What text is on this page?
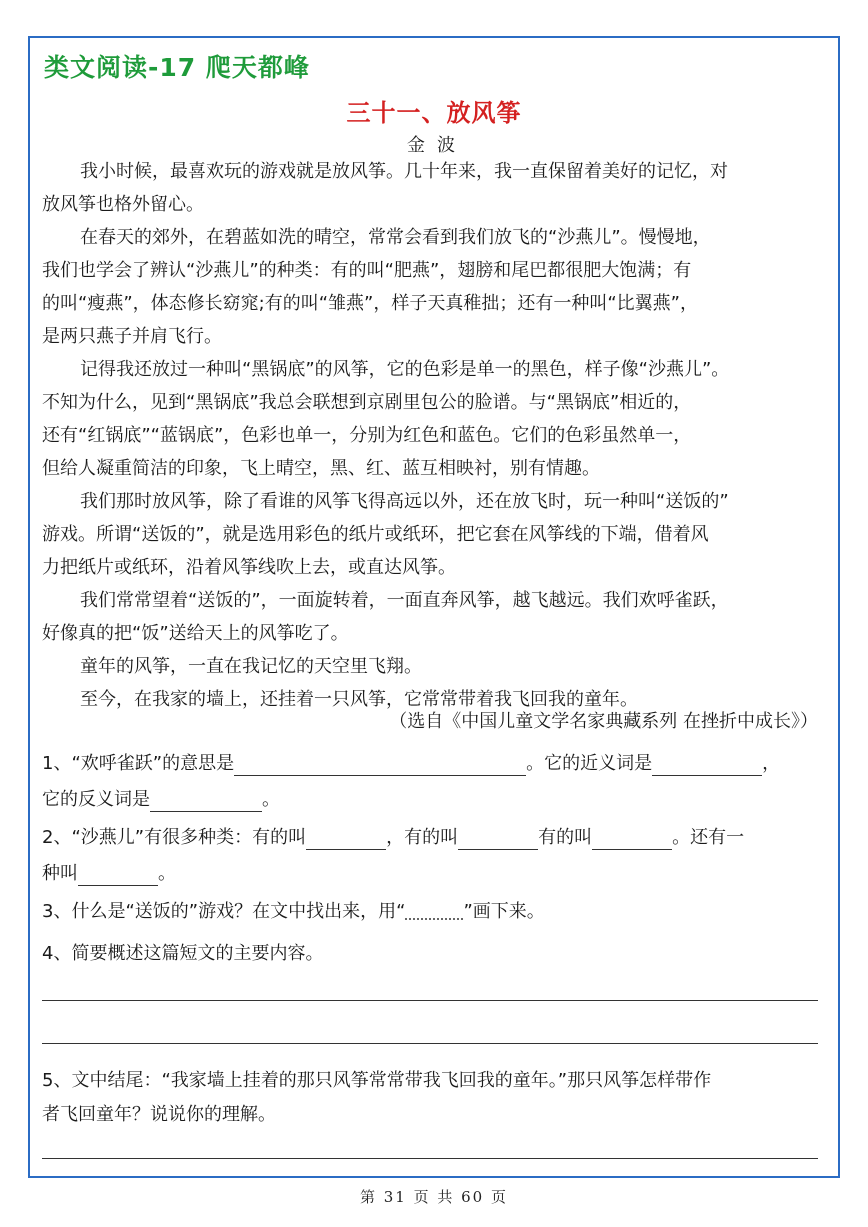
类文阅读-17 爬天都峰
三十一、放风筝
金波
我小时候，最喜欢玩的游戏就是放风筝。几十年来，我一直保留着美好的记忆，对
放风筝也格外留心。
在春天的郊外，在碧蓝如洗的晴空，常常会看到我们放飞的“沙燕儿”。慢慢地，
我们也学会了辨认“沙燕儿”的种类：有的叫“肥燕”，翅膀和尾巴都很肥大饱满；有
的叫“瘦燕”，体态修长窈窕;有的叫“雏燕”，样子天真稚拙；还有一种叫“比翼燕”，
是两只燕子并肩飞行。
记得我还放过一种叫“黑锅底”的风筝，它的色彩是单一的黑色，样子像“沙燕儿”。
不知为什么，见到“黑锅底”我总会联想到京剧里包公的脸谱。与“黑锅底”相近的，
还有“红锅底”“蓝锅底”，色彩也单一，分别为红色和蓝色。它们的色彩虽然单一，
但给人凝重简洁的印象，飞上晴空，黑、红、蓝互相映衬，别有情趣。
我们那时放风筝，除了看谁的风筝飞得高远以外，还在放飞时，玩一种叫“送饭的”
游戏。所谓“送饭的”，就是选用彩色的纸片或纸环，把它套在风筝线的下端，借着风
力把纸片或纸环，沿着风筝线吹上去，或直达风筝。
我们常常望着“送饭的”，一面旋转着，一面直奔风筝，越飞越远。我们欢呼雀跃，
好像真的把“饭”送给天上的风筝吃了。
童年的风筝，一直在我记忆的天空里飞翔。
至今，在我家的墙上，还挂着一只风筝，它常常带着我飞回我的童年。
（选自《中国儿童文学名家典藏系列 在挫折中成长》）
1、“欢呼雀跃”的意思是	。它的近义词是	，
它的反义词是	。
2、“沙燕儿”有很多种类：有的叫	，有的叫	有的叫	。还有一
种叫	。
3、什么是“送饭的”游戏？在文中找出来，用“	”画下来。
4、简要概述这篇短文的主要内容。
5、文中结尾：“我家墙上挂着的那只风筝常常带我飞回我的童年。”那只风筝怎样带作
者飞回童年？说说你的理解。
第 31 页 共 60 页
